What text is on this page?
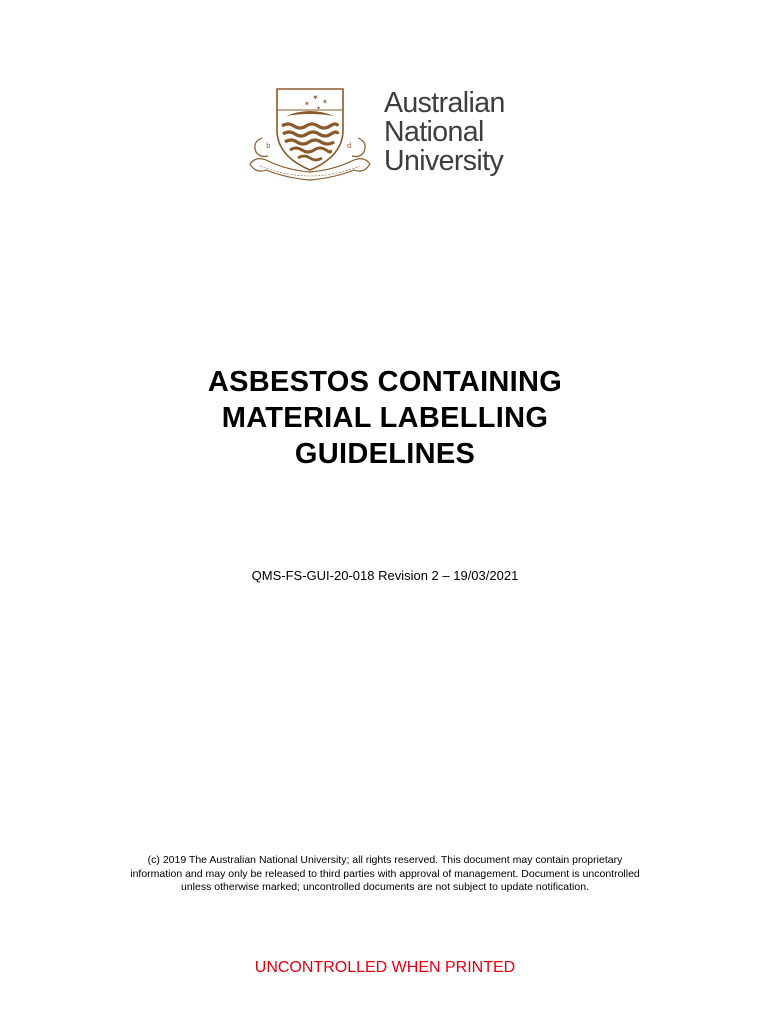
✶ ✶
✶
✶
b	d
Australian
National
University
ASBESTOS CONTAINING
MATERIAL LABELLING
GUIDELINES
QMS-FS-GUI-20-018 Revision 2 – 19/03/2021
(c) 2019 The Australian National University; all rights reserved. This document may contain proprietary
information and may only be released to third parties with approval of management. Document is uncontrolled
unless otherwise marked; uncontrolled documents are not subject to update notification.
UNCONTROLLED WHEN PRINTED
